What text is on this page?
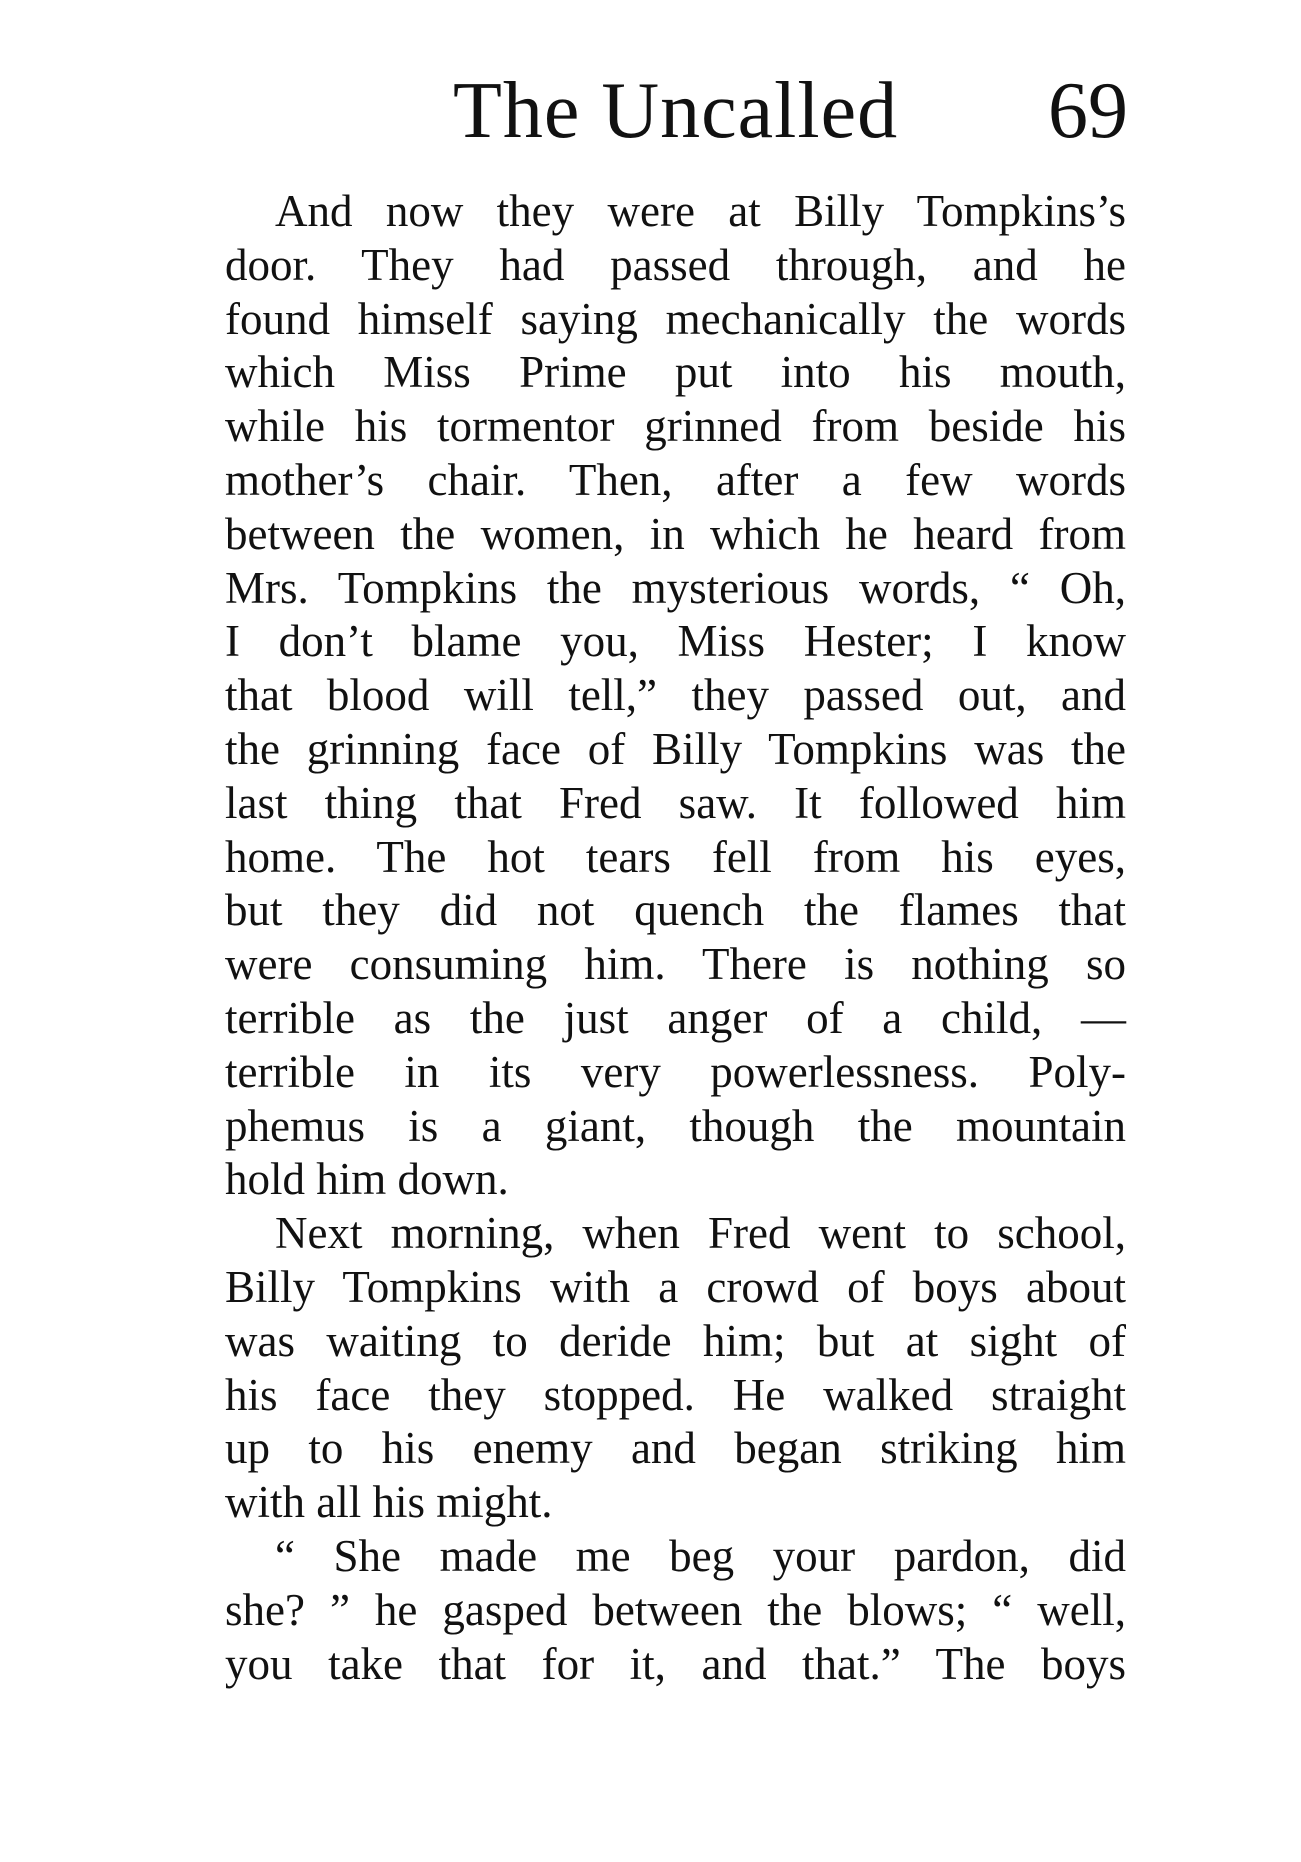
The Uncalled 69
And now they were at Billy Tompkins’s
door. They had passed through, and he
found himself saying mechanically the words
which Miss Prime put into his mouth,
while his tormentor grinned from beside his
mother’s chair. Then, after a few words
between the women, in which he heard from
Mrs. Tompkins the mysterious words, “ Oh,
I don’t blame you, Miss Hester; I know
that blood will tell,” they passed out, and
the grinning face of Billy Tompkins was the
last thing that Fred saw. It followed him
home. The hot tears fell from his eyes,
but they did not quench the flames that
were consuming him. There is nothing so
terrible as the just anger of a child, —
terrible in its very powerlessness. Poly-
phemus is a giant, though the mountain
hold him down.
Next morning, when Fred went to school,
Billy Tompkins with a crowd of boys about
was waiting to deride him; but at sight of
his face they stopped. He walked straight
up to his enemy and began striking him
with all his might.
“ She made me beg your pardon, did
she? ” he gasped between the blows; “ well,
you take that for it, and that.” The boys
